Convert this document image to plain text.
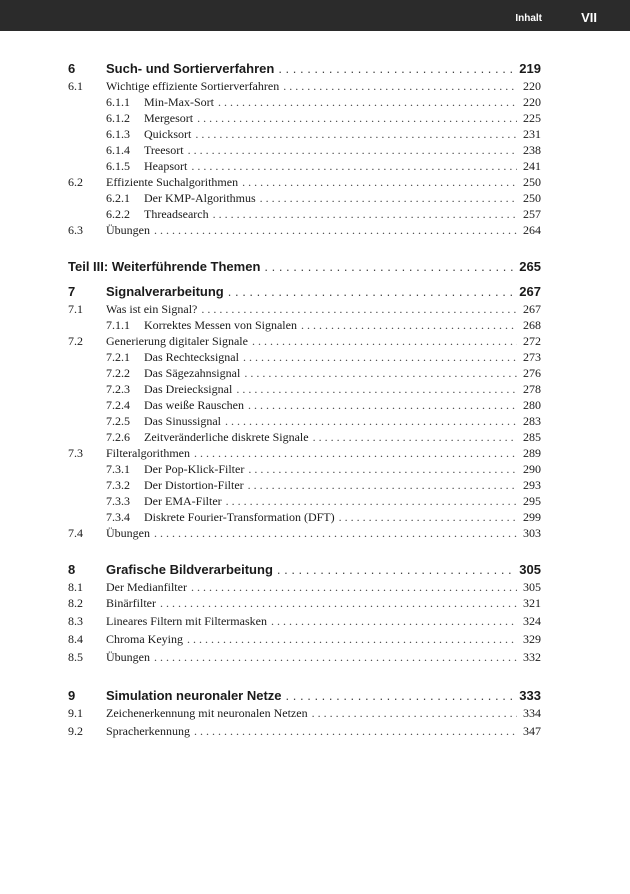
Inhalt	VII
6 Such- und Sortierverfahren . . .	219
6.1 Wichtige effiziente Sortierverfahren . . .	220
6.1.1 Min-Max-Sort . . .	220
6.1.2 Mergesort . . .	225
6.1.3 Quicksort . . .	231
6.1.4 Treesort . . .	238
6.1.5 Heapsort . . .	241
6.2 Effiziente Suchalgorithmen . . .	250
6.2.1 Der KMP-Algorithmus . . .	250
6.2.2 Threadsearch . . .	257
6.3 Übungen . . .	264
Teil III: Weiterführende Themen . . .	265
7 Signalverarbeitung . . .	267
7.1 Was ist ein Signal? . . .	267
7.1.1 Korrektes Messen von Signalen . . .	268
7.2 Generierung digitaler Signale . . .	272
7.2.1 Das Rechtecksignal . . .	273
7.2.2 Das Sägezahnsignal . . .	276
7.2.3 Das Dreiecksignal . . .	278
7.2.4 Das weiße Rauschen . . .	280
7.2.5 Das Sinussignal . . .	283
7.2.6 Zeitveränderliche diskrete Signale . . .	285
7.3 Filteralgorithmen . . .	289
7.3.1 Der Pop-Klick-Filter . . .	290
7.3.2 Der Distortion-Filter . . .	293
7.3.3 Der EMA-Filter . . .	295
7.3.4 Diskrete Fourier-Transformation (DFT) . . .	299
7.4 Übungen . . .	303
8 Grafische Bildverarbeitung . . .	305
8.1 Der Medianfilter . . .	305
8.2 Binärfilter . . .	321
8.3 Lineares Filtern mit Filtermasken . . .	324
8.4 Chroma Keying . . .	329
8.5 Übungen . . .	332
9 Simulation neuronaler Netze . . .	333
9.1 Zeichenerkennung mit neuronalen Netzen . . .	334
9.2 Spracherkennung . . .	347
